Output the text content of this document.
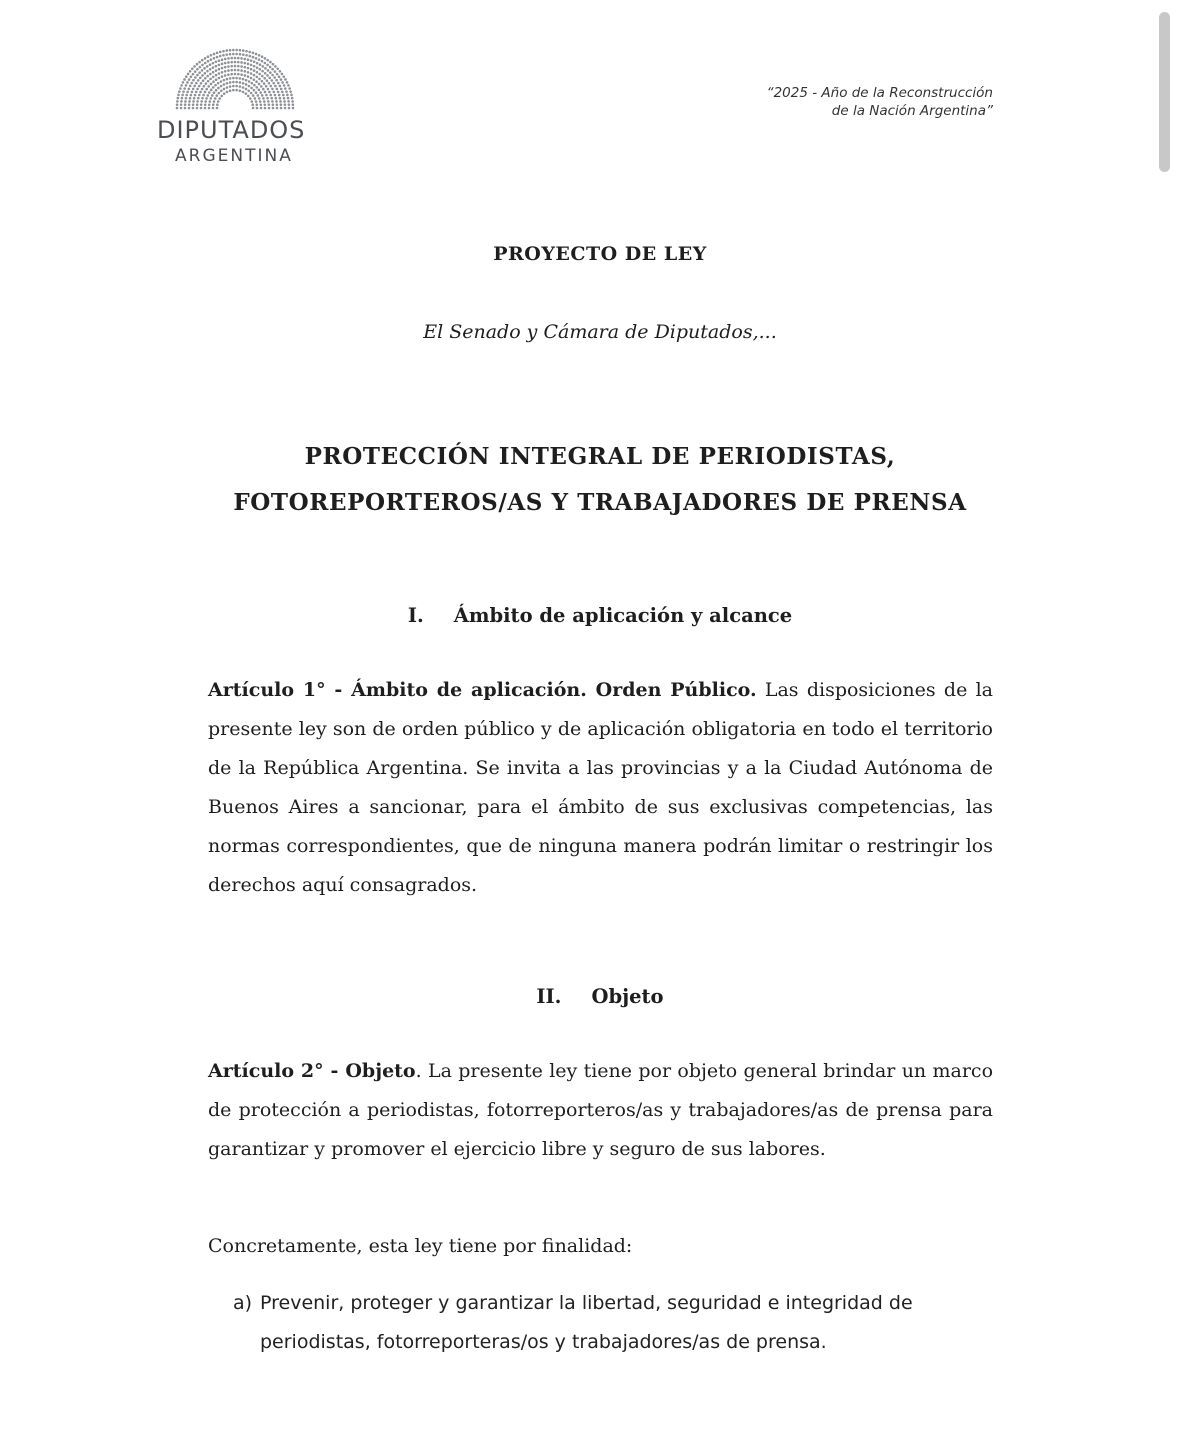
DIPUTADOS
ARGENTINA
“2025 - Año de la Reconstrucción
de la Nación Argentina”
PROYECTO DE LEY
El Senado y Cámara de Diputados,...
PROTECCIÓN INTEGRAL DE PERIODISTAS,
FOTOREPORTEROS/AS Y TRABAJADORES DE PRENSA
I. Ámbito de aplicación y alcance

Artículo 1° - Ámbito de aplicación. Orden Público. Las disposiciones de la presente ley son de orden público y de aplicación obligatoria en todo el territorio de la República Argentina. Se invita a las provincias y a la Ciudad Autónoma de Buenos Aires a sancionar, para el ámbito de sus exclusivas competencias, las normas correspondientes, que de ninguna manera podrán limitar o restringir los derechos aquí consagrados.

II. Objeto

Artículo 2° - Objeto. La presente ley tiene por objeto general brindar un marco de protección a periodistas, fotorreporteros/as y trabajadores/as de prensa para garantizar y promover el ejercicio libre y seguro de sus labores.

Concretamente, esta ley tiene por finalidad:

a) Prevenir, proteger y garantizar la libertad, seguridad e integridad de periodistas, fotorreporteras/os y trabajadores/as de prensa.
